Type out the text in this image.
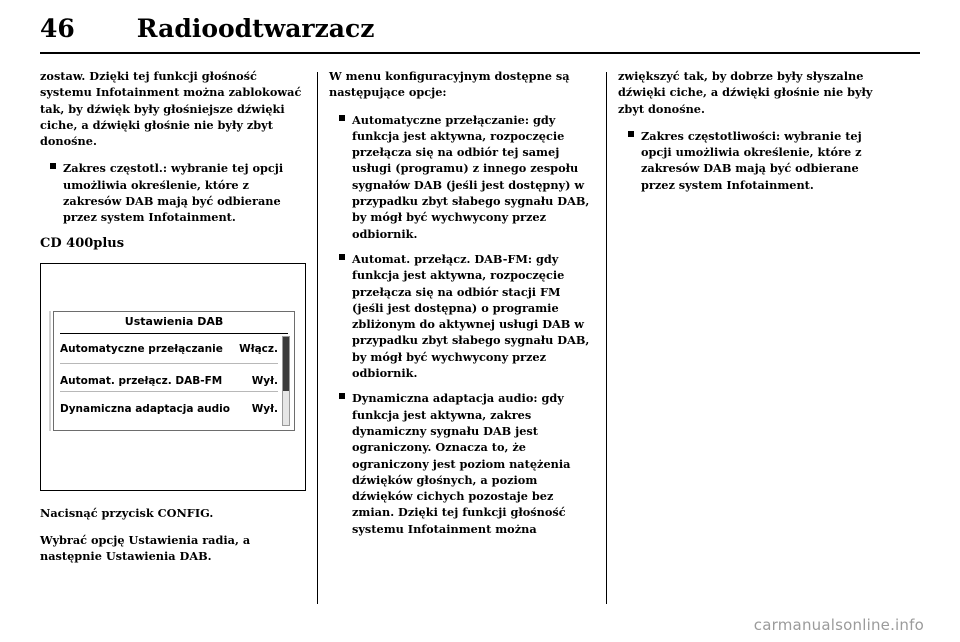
46 Radioodtwarzacz

zostaw. Dzięki tej funkcji głośność systemu Infotainment można zablokować tak, by dźwięk były głośniejsze dźwięki ciche, a dźwięki głośnie nie były zbyt donośne.

Zakres częstotl.: wybranie tej opcji umożliwia określenie, które z zakresów DAB mają być odbierane przez system Infotainment.
CD 400plus
Ustawienia DAB
Automatyczne przełączanie Włącz.
Automat. przełącz. DAB-FM	Wył.
Dynamiczna adaptacja audio Wył.

Nacisnąć przycisk CONFIG.

Wybrać opcję Ustawienia radia, a następnie Ustawienia DAB.

W menu konfiguracyjnym dostępne są następujące opcje:

Automatyczne przełączanie: gdy funkcja jest aktywna, rozpoczęcie przełącza się na odbiór tej samej usługi (programu) z innego zespołu sygnałów DAB (jeśli jest dostępny) w przypadku zbyt słabego sygnału DAB, by mógł być wychwycony przez odbiornik.
Automat. przełącz. DAB-FM: gdy funkcja jest aktywna, rozpoczęcie przełącza się na odbiór stacji FM (jeśli jest dostępna) o programie zbliżonym do aktywnej usługi DAB w przypadku zbyt słabego sygnału DAB, by mógł być wychwycony przez odbiornik.
Dynamiczna adaptacja audio: gdy funkcja jest aktywna, zakres dynamiczny sygnału DAB jest ograniczony. Oznacza to, że ograniczony jest poziom natężenia dźwięków głośnych, a poziom dźwięków cichych pozostaje bez zmian. Dzięki tej funkcji głośność systemu Infotainment można

zwiększyć tak, by dobrze były słyszalne dźwięki ciche, a dźwięki głośnie nie były zbyt donośne.

Zakres częstotliwości: wybranie tej opcji umożliwia określenie, które z zakresów DAB mają być odbierane przez system Infotainment.
carmanualsonline.info
